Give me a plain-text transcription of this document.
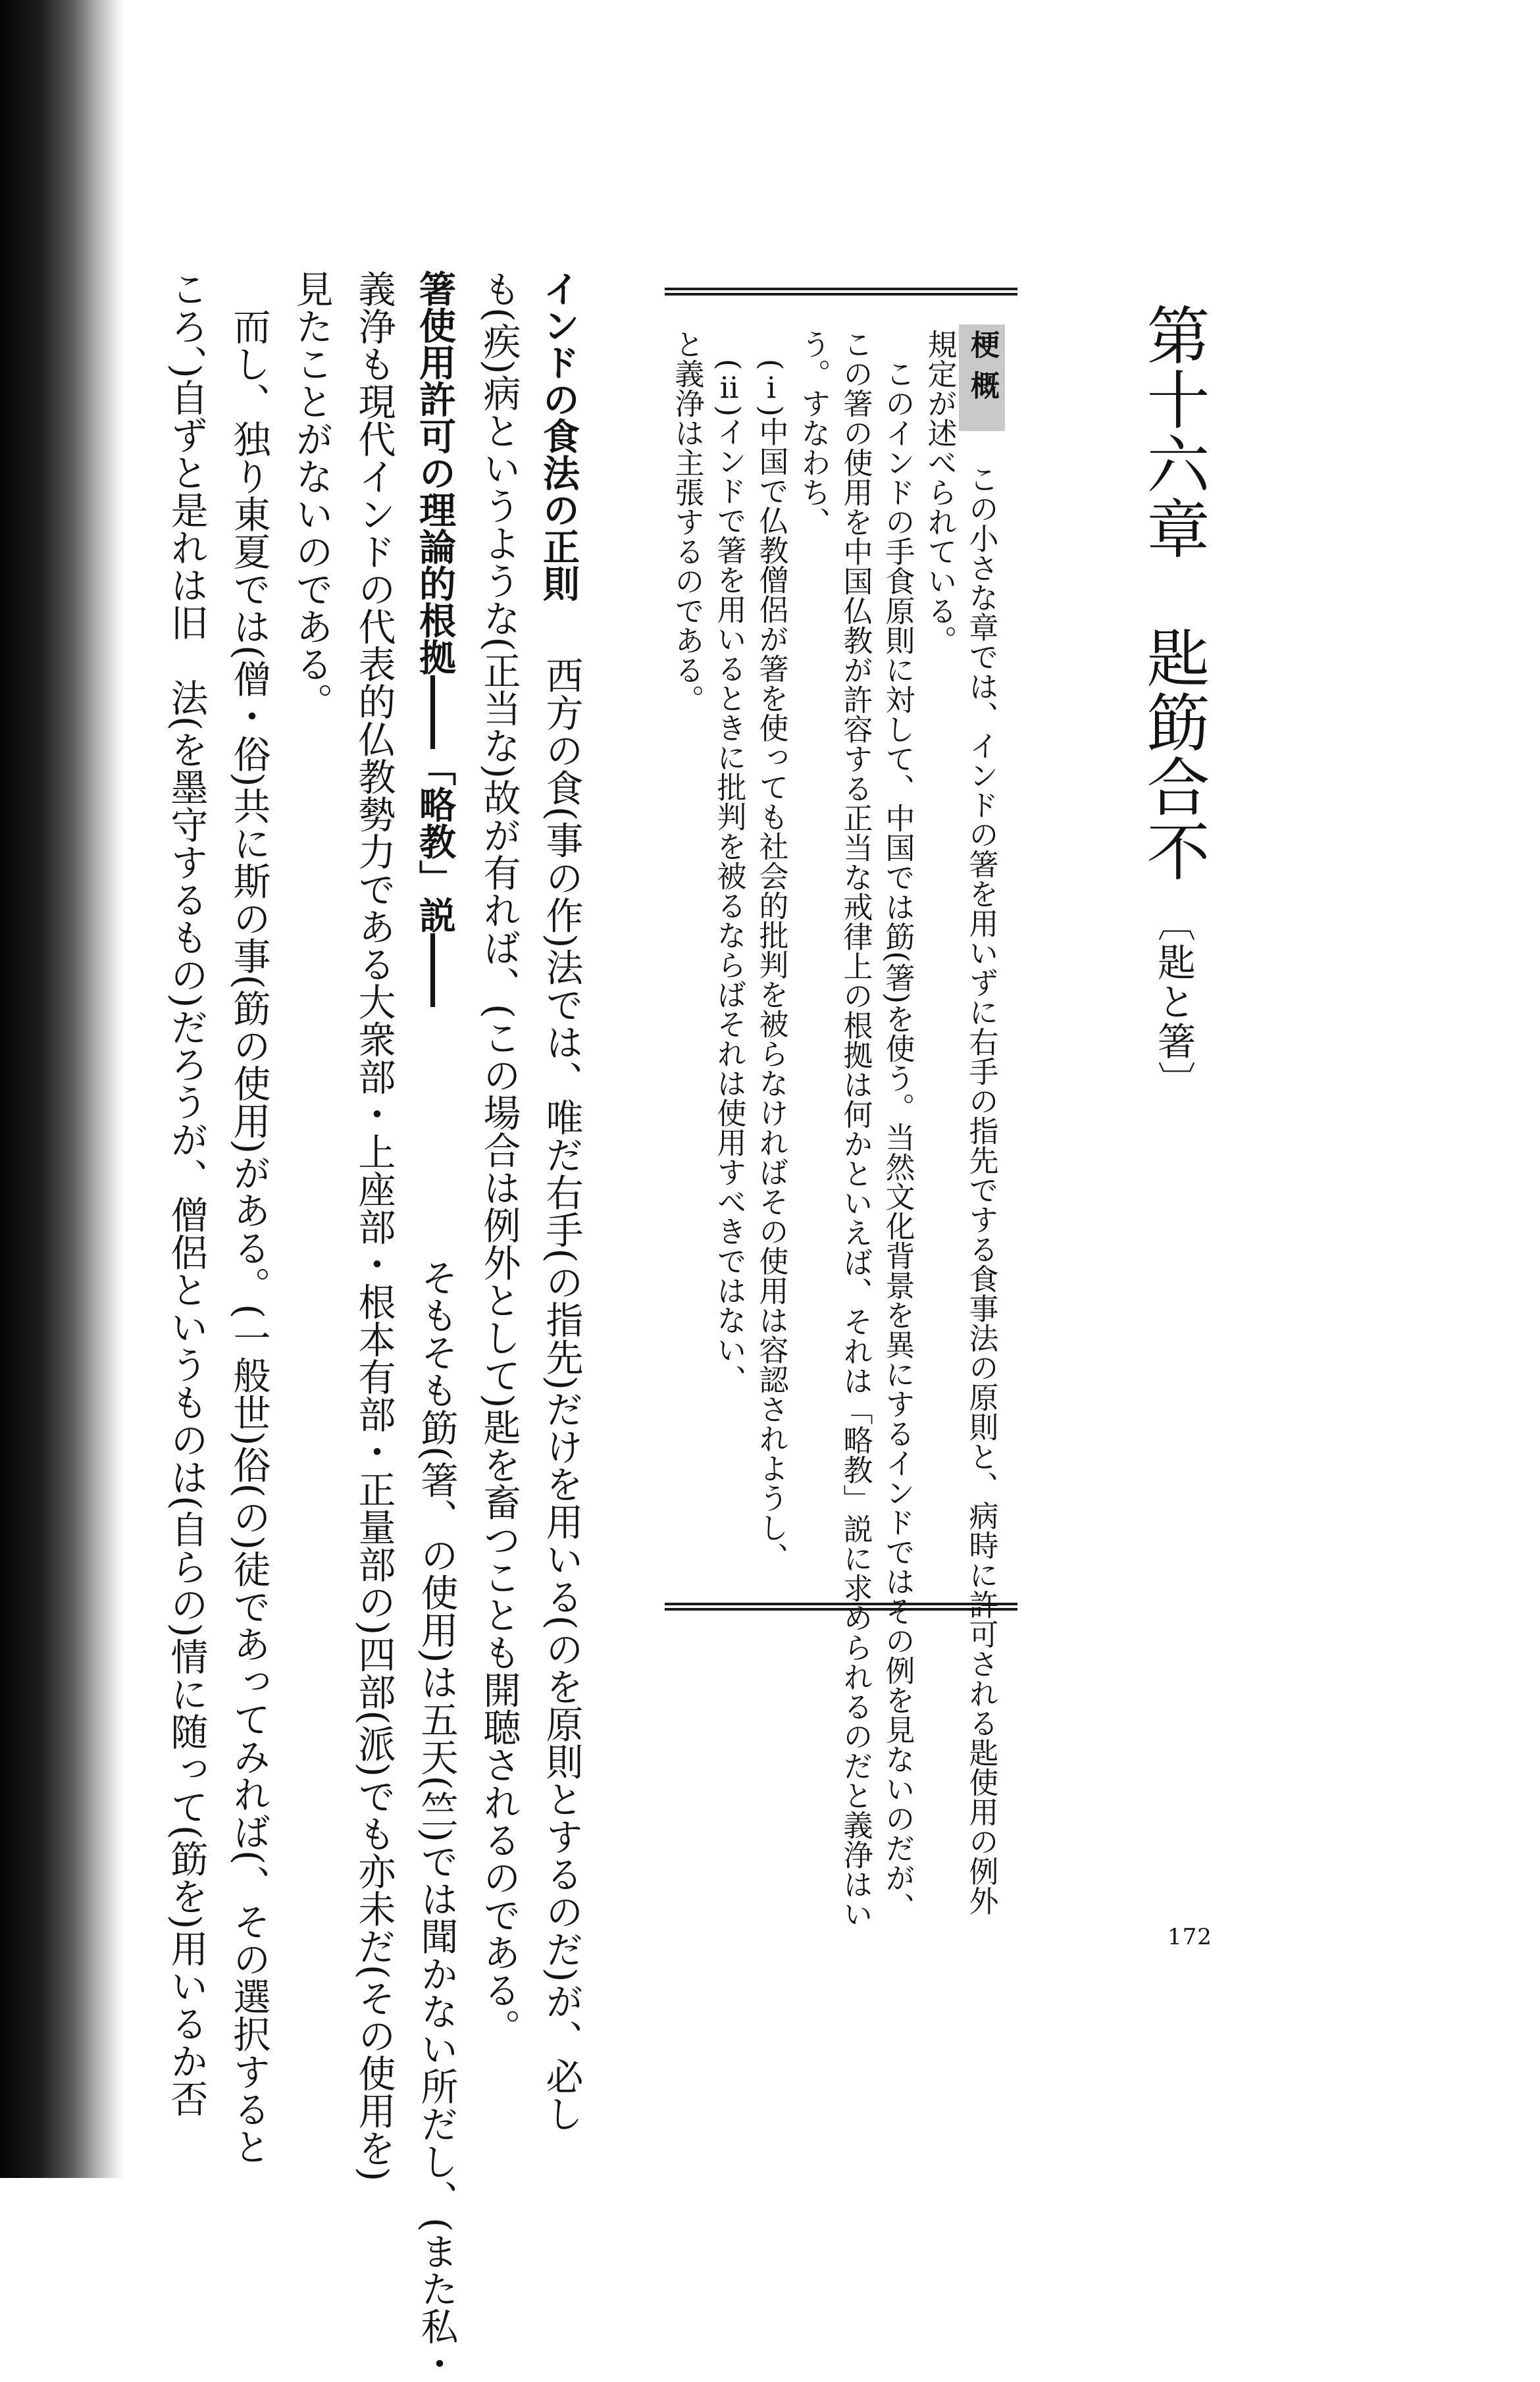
第十六章　匙筯合不〔匙と箸〕
梗概
この小さな章では、インドの箸を用いずに右手の指先でする食事法の原則と、病時に許可される匙使用の例外
規定が述べられている。
　このインドの手食原則に対して、中国では筯(箸)を使う。当然文化背景を異にするインドではその例を見ないのだが、
この箸の使用を中国仏教が許容する正当な戒律上の根拠は何かといえば、それは「略教」説に求められるのだと義浄はい
う。すなわち、
　(ⅰ)中国で仏教僧侶が箸を使っても社会的批判を被らなければその使用は容認されようし、
　(ⅱ)インドで箸を用いるときに批判を被るならばそれは使用すべきではない、
と義浄は主張するのである。
インドの食法の正則
　西方の食(事の作)法では、唯だ右手(の指先)だけを用いる(のを原則とするのだ)が、必し
も(疾)病というような(正当な)故が有れば、(この場合は例外として)匙を畜つことも開聴されるのである。
箸使用許可の理論的根拠――「略教」説――
　そもそも筯(箸、の使用)は五天(竺)では聞かない所だし、(また私・
義浄も現代インドの代表的仏教勢力である大衆部・上座部・根本有部・正量部の)四部(派)でも亦未だ(その使用を)
見たことがないのである。
　而し、独り東夏では(僧・俗)共に斯の事(筯の使用)がある。(一般世)俗(の)徒であってみれば(、その選択すると
ころ、)自ずと是れは旧　法(を墨守するもの)だろうが、僧侶というものは(自らの)情に随って(筯を)用いるか否	172
